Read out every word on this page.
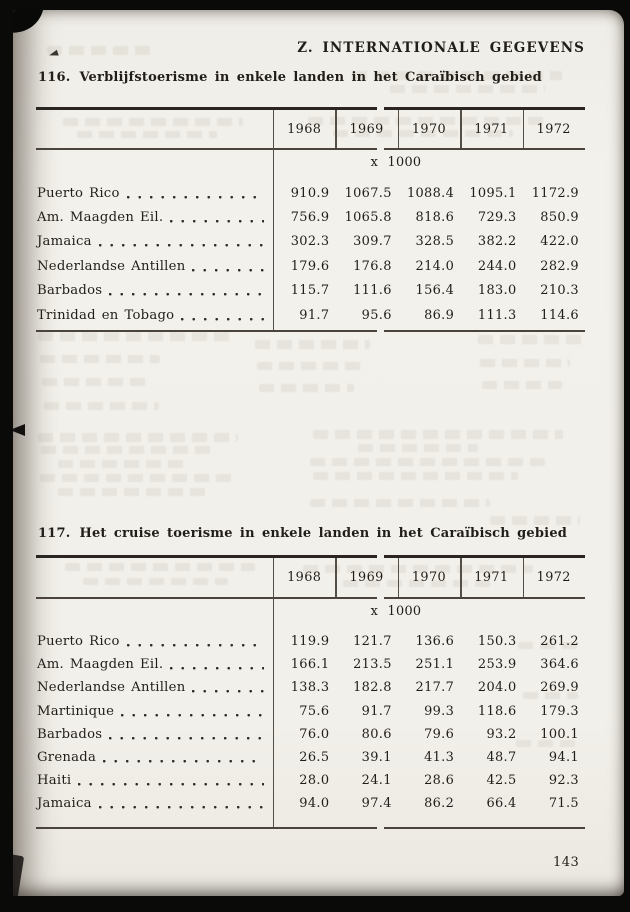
Z. INTERNATIONALE GEGEVENS
116. Verblijfstoerisme in enkele landen in het Caraïbisch gebied
1968	1969	1970	1971	1972
x 1000
Puerto Rico	910.9	1067.5	1088.4	1095.1	1172.9
Am. Maagden Eil.	756.9	1065.8	818.6	729.3	850.9
Jamaica	302.3	309.7	328.5	382.2	422.0
Nederlandse Antillen	179.6	176.8	214.0	244.0	282.9
Barbados	115.7	111.6	156.4	183.0	210.3
Trinidad en Tobago	91.7	95.6	86.9	111.3	114.6
117. Het cruise toerisme in enkele landen in het Caraïbisch gebied
1968	1969	1970	1971	1972
x 1000
Puerto Rico	119.9	121.7	136.6	150.3	261.2
Am. Maagden Eil.	166.1	213.5	251.1	253.9	364.6
Nederlandse Antillen	138.3	182.8	217.7	204.0	269.9
Martinique	75.6	91.7	99.3	118.6	179.3
Barbados	76.0	80.6	79.6	93.2	100.1
Grenada	26.5	39.1	41.3	48.7	94.1
Haiti	28.0	24.1	28.6	42.5	92.3
Jamaica	94.0	97.4	86.2	66.4	71.5
143
